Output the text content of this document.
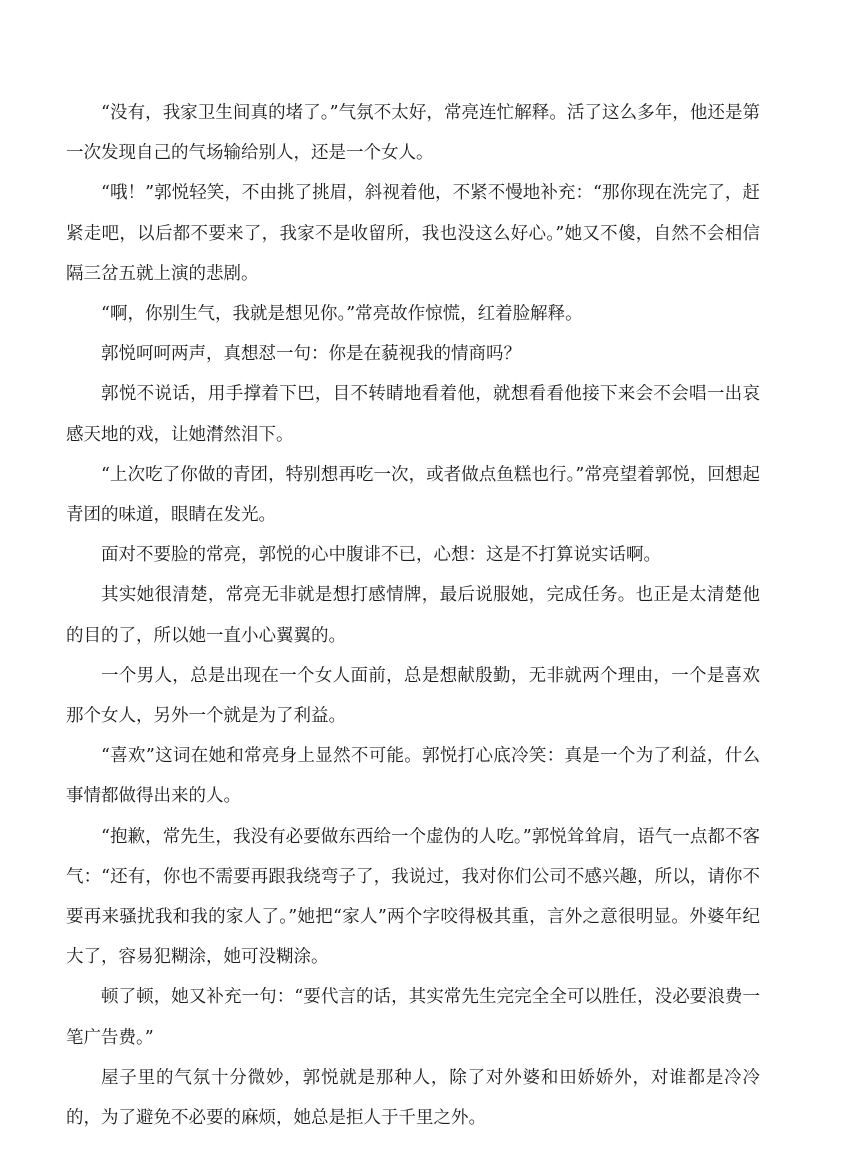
“没有，我家卫生间真的堵了。”气氛不太好，常亮连忙解释。活了这么多年，他还是第一次发现自己的气场输给别人，还是一个女人。

“哦！”郭悦轻笑，不由挑了挑眉，斜视着他，不紧不慢地补充：“那你现在洗完了，赶紧走吧，以后都不要来了，我家不是收留所，我也没这么好心。”她又不傻，自然不会相信隔三岔五就上演的悲剧。

“啊，你别生气，我就是想见你。”常亮故作惊慌，红着脸解释。

郭悦呵呵两声，真想怼一句：你是在藐视我的情商吗？

郭悦不说话，用手撑着下巴，目不转睛地看着他，就想看看他接下来会不会唱一出哀感天地的戏，让她潸然泪下。

“上次吃了你做的青团，特别想再吃一次，或者做点鱼糕也行。”常亮望着郭悦，回想起青团的味道，眼睛在发光。

面对不要脸的常亮，郭悦的心中腹诽不已，心想：这是不打算说实话啊。

其实她很清楚，常亮无非就是想打感情牌，最后说服她，完成任务。也正是太清楚他的目的了，所以她一直小心翼翼的。

一个男人，总是出现在一个女人面前，总是想献殷勤，无非就两个理由，一个是喜欢那个女人，另外一个就是为了利益。

“喜欢”这词在她和常亮身上显然不可能。郭悦打心底冷笑：真是一个为了利益，什么事情都做得出来的人。

“抱歉，常先生，我没有必要做东西给一个虚伪的人吃。”郭悦耸耸肩，语气一点都不客气：“还有，你也不需要再跟我绕弯子了，我说过，我对你们公司不感兴趣，所以，请你不要再来骚扰我和我的家人了。”她把“家人”两个字咬得极其重，言外之意很明显。外婆年纪大了，容易犯糊涂，她可没糊涂。

顿了顿，她又补充一句：“要代言的话，其实常先生完完全全可以胜任，没必要浪费一笔广告费。”

屋子里的气氛十分微妙，郭悦就是那种人，除了对外婆和田娇娇外，对谁都是冷冷的，为了避免不必要的麻烦，她总是拒人于千里之外。
